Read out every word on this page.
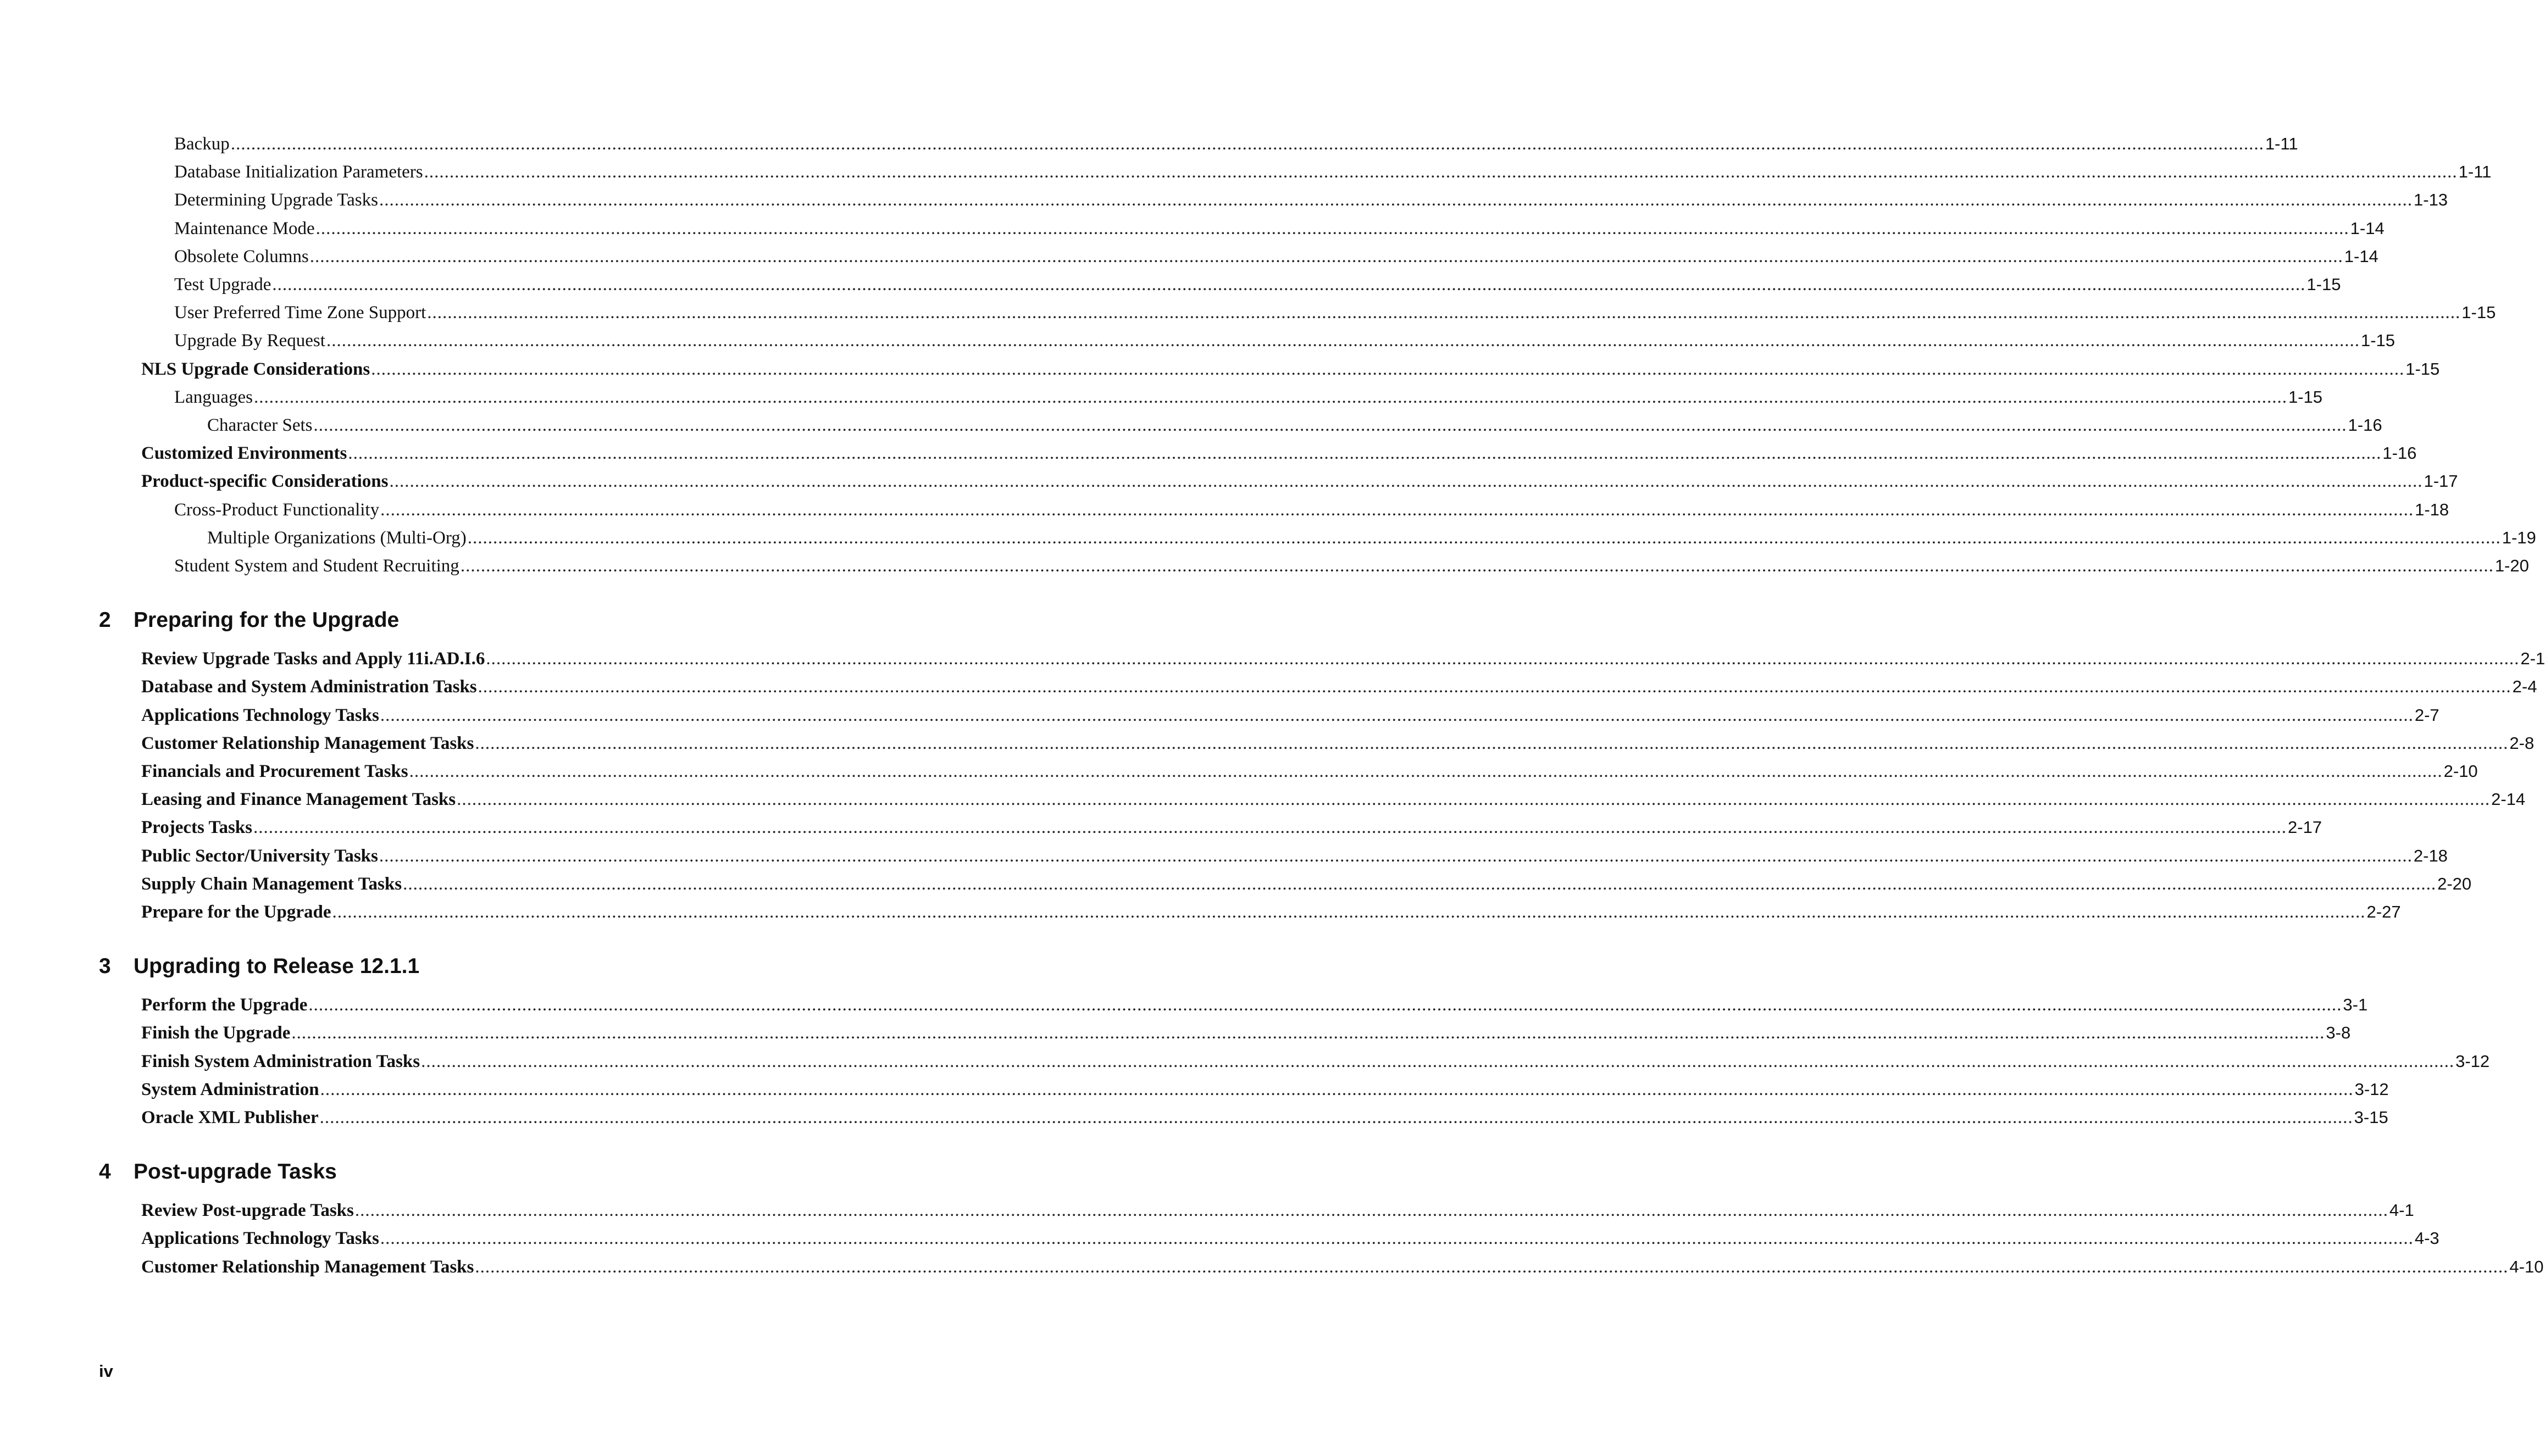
Backup ................................................................................................................................................................................................................................................................................................................................................................................................................ 1-11
Database Initialization Parameters ................................................................................................................................................................................................................................................................................................................................................................................................................ 1-11
Determining Upgrade Tasks ................................................................................................................................................................................................................................................................................................................................................................................................................ 1-13
Maintenance Mode ................................................................................................................................................................................................................................................................................................................................................................................................................ 1-14
Obsolete Columns ................................................................................................................................................................................................................................................................................................................................................................................................................ 1-14
Test Upgrade ................................................................................................................................................................................................................................................................................................................................................................................................................ 1-15
User Preferred Time Zone Support ................................................................................................................................................................................................................................................................................................................................................................................................................ 1-15
Upgrade By Request ................................................................................................................................................................................................................................................................................................................................................................................................................ 1-15
NLS Upgrade Considerations ................................................................................................................................................................................................................................................................................................................................................................................................................ 1-15
Languages ................................................................................................................................................................................................................................................................................................................................................................................................................ 1-15
Character Sets ................................................................................................................................................................................................................................................................................................................................................................................................................ 1-16
Customized Environments ................................................................................................................................................................................................................................................................................................................................................................................................................ 1-16
Product-specific Considerations ................................................................................................................................................................................................................................................................................................................................................................................................................ 1-17
Cross-Product Functionality ................................................................................................................................................................................................................................................................................................................................................................................................................ 1-18
Multiple Organizations (Multi-Org) ................................................................................................................................................................................................................................................................................................................................................................................................................ 1-19
Student System and Student Recruiting ................................................................................................................................................................................................................................................................................................................................................................................................................ 1-20
2 Preparing for the Upgrade
Review Upgrade Tasks and Apply 11i.AD.I.6 ................................................................................................................................................................................................................................................................................................................................................................................................................ 2-1
Database and System Administration Tasks ................................................................................................................................................................................................................................................................................................................................................................................................................ 2-4
Applications Technology Tasks ................................................................................................................................................................................................................................................................................................................................................................................................................ 2-7
Customer Relationship Management Tasks ................................................................................................................................................................................................................................................................................................................................................................................................................ 2-8
Financials and Procurement Tasks ................................................................................................................................................................................................................................................................................................................................................................................................................ 2-10
Leasing and Finance Management Tasks ................................................................................................................................................................................................................................................................................................................................................................................................................ 2-14
Projects Tasks ................................................................................................................................................................................................................................................................................................................................................................................................................ 2-17
Public Sector/University Tasks ................................................................................................................................................................................................................................................................................................................................................................................................................ 2-18
Supply Chain Management Tasks ................................................................................................................................................................................................................................................................................................................................................................................................................ 2-20
Prepare for the Upgrade ................................................................................................................................................................................................................................................................................................................................................................................................................ 2-27
3 Upgrading to Release 12.1.1
Perform the Upgrade ................................................................................................................................................................................................................................................................................................................................................................................................................ 3-1
Finish the Upgrade ................................................................................................................................................................................................................................................................................................................................................................................................................ 3-8
Finish System Administration Tasks ................................................................................................................................................................................................................................................................................................................................................................................................................ 3-12
System Administration ................................................................................................................................................................................................................................................................................................................................................................................................................ 3-12
Oracle XML Publisher ................................................................................................................................................................................................................................................................................................................................................................................................................ 3-15
4 Post-upgrade Tasks
Review Post-upgrade Tasks ................................................................................................................................................................................................................................................................................................................................................................................................................ 4-1
Applications Technology Tasks ................................................................................................................................................................................................................................................................................................................................................................................................................ 4-3
Customer Relationship Management Tasks ................................................................................................................................................................................................................................................................................................................................................................................................................ 4-10
iv
